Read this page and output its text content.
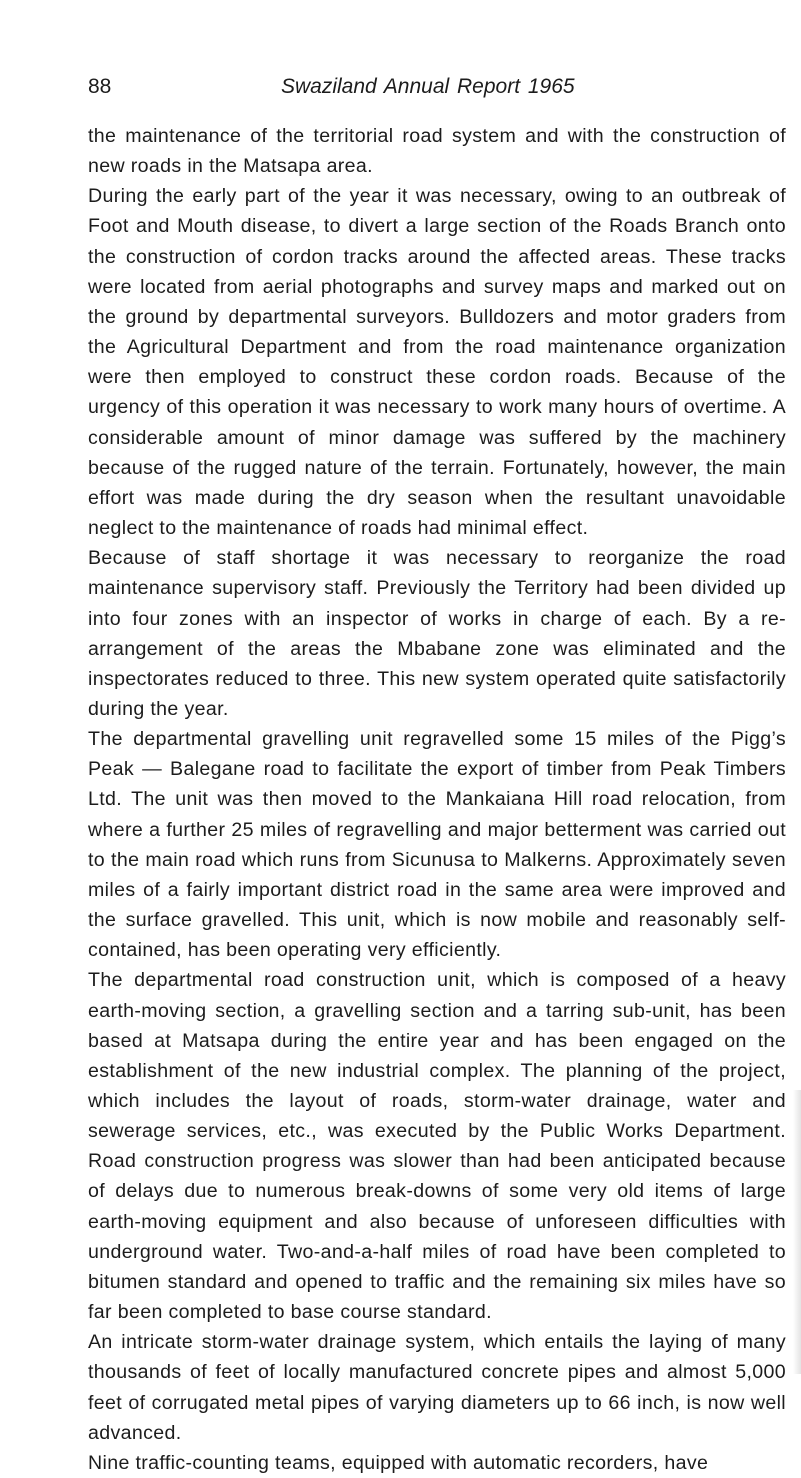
88	Swaziland Annual Report 1965

the maintenance of the territorial road system and with the construction of new roads in the Matsapa area.

During the early part of the year it was necessary, owing to an outbreak of Foot and Mouth disease, to divert a large section of the Roads Branch onto the construction of cordon tracks around the affected areas. These tracks were located from aerial photographs and survey maps and marked out on the ground by departmental surveyors. Bulldozers and motor graders from the Agricultural Department and from the road maintenance organization were then employed to construct these cordon roads. Because of the urgency of this operation it was necessary to work many hours of overtime. A considerable amount of minor damage was suffered by the machinery because of the rugged nature of the terrain. Fortunately, however, the main effort was made during the dry season when the resultant unavoidable neglect to the maintenance of roads had minimal effect.

Because of staff shortage it was necessary to reorganize the road maintenance supervisory staff. Previously the Territory had been divided up into four zones with an inspector of works in charge of each. By a re-arrangement of the areas the Mbabane zone was eliminated and the inspectorates reduced to three. This new system operated quite satisfactorily during the year.

The departmental gravelling unit regravelled some 15 miles of the Pigg’s Peak — Balegane road to facilitate the export of timber from Peak Timbers Ltd. The unit was then moved to the Mankaiana Hill road relocation, from where a further 25 miles of regravelling and major betterment was carried out to the main road which runs from Sicunusa to Malkerns. Approximately seven miles of a fairly important district road in the same area were improved and the surface gravelled. This unit, which is now mobile and reasonably self-contained, has been operating very efficiently.

The departmental road construction unit, which is composed of a heavy earth-moving section, a gravelling section and a tarring sub-unit, has been based at Matsapa during the entire year and has been engaged on the establishment of the new industrial complex. The planning of the project, which includes the layout of roads, storm-water drainage, water and sewerage services, etc., was executed by the Public Works Department. Road construction progress was slower than had been anticipated because of delays due to numerous break-downs of some very old items of large earth-moving equipment and also because of unforeseen difficulties with underground water. Two-and-a-half miles of road have been completed to bitumen standard and opened to traffic and the remaining six miles have so far been completed to base course standard.

An intricate storm-water drainage system, which entails the laying of many thousands of feet of locally manufactured concrete pipes and almost 5,000 feet of corrugated metal pipes of varying diameters up to 66 inch, is now well advanced.

Nine traffic-counting teams, equipped with automatic recorders, have
